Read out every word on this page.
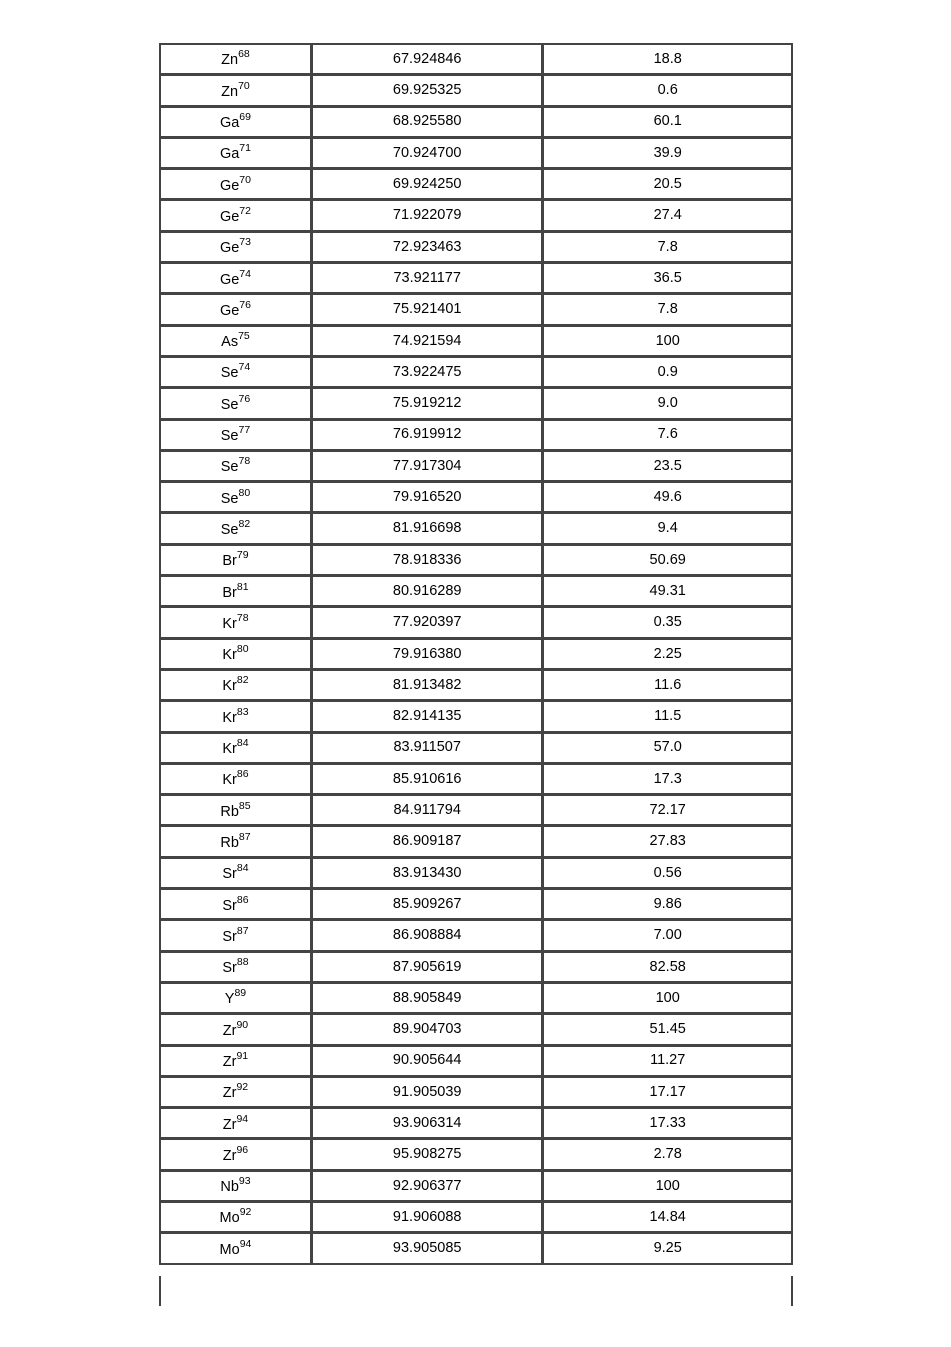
Zn$^{68}$	67.924846	18.8
Zn$^{70}$	69.925325	0.6
Ga$^{69}$	68.925580	60.1
Ga$^{71}$	70.924700	39.9
Ge$^{70}$	69.924250	20.5
Ge$^{72}$	71.922079	27.4
Ge$^{73}$	72.923463	7.8
Ge$^{74}$	73.921177	36.5
Ge$^{76}$	75.921401	7.8
As$^{75}$	74.921594	100
Se$^{74}$	73.922475	0.9
Se$^{76}$	75.919212	9.0
Se$^{77}$	76.919912	7.6
Se$^{78}$	77.917304	23.5
Se$^{80}$	79.916520	49.6
Se$^{82}$	81.916698	9.4
Br$^{79}$	78.918336	50.69
Br$^{81}$	80.916289	49.31
Kr$^{78}$	77.920397	0.35
Kr$^{80}$	79.916380	2.25
Kr$^{82}$	81.913482	11.6
Kr$^{83}$	82.914135	11.5
Kr$^{84}$	83.911507	57.0
Kr$^{86}$	85.910616	17.3
Rb$^{85}$	84.911794	72.17
Rb$^{87}$	86.909187	27.83
Sr$^{84}$	83.913430	0.56
Sr$^{86}$	85.909267	9.86
Sr$^{87}$	86.908884	7.00
Sr$^{88}$	87.905619	82.58
$Y^{89}$	88.905849	100
Zr$^{90}$	89.904703	51.45
Zr$^{91}$	90.905644	11.27
Zr$^{92}$	91.905039	17.17
Zr$^{94}$	93.906314	17.33
Zr$^{96}$	95.908275	2.78
Nb$^{93}$	92.906377	100
Mo$^{92}$	91.906088	14.84
Mo$^{94}$	93.905085	9.25
